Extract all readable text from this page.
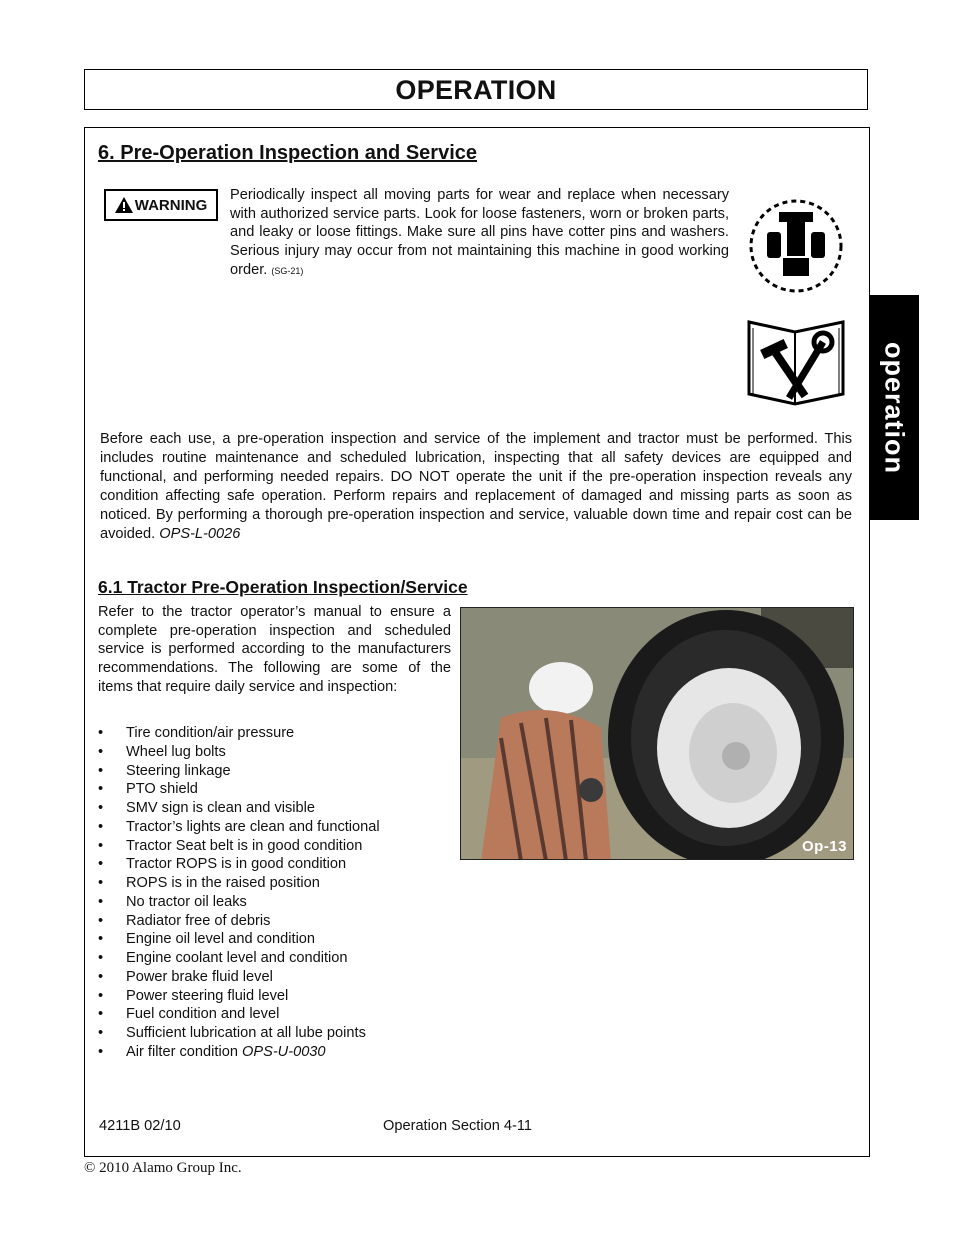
OPERATION
operation
6. Pre-Operation Inspection and Service
WARNING

Periodically inspect all moving parts for wear and replace when necessary with authorized service parts. Look for loose fasteners, worn or broken parts, and leaky or loose fittings. Make sure all pins have cotter pins and washers. Serious injury may occur from not maintaining this machine in good working order. (SG-21)

Before each use, a pre-operation inspection and service of the implement and tractor must be performed. This includes routine maintenance and scheduled lubrication, inspecting that all safety devices are equipped and functional, and performing needed repairs. DO NOT operate the unit if the pre-operation inspection reveals any condition affecting safe operation. Perform repairs and replacement of damaged and missing parts as soon as noticed. By performing a thorough pre-operation inspection and service, valuable down time and repair cost can be avoided. OPS-L-0026

6.1 Tractor Pre-Operation Inspection/Service

Refer to the tractor operator’s manual to ensure a complete pre-operation inspection and scheduled service is performed according to the manufacturers recommendations. The following are some of the items that require daily service and inspection:

• Tire condition/air pressure
• Wheel lug bolts
• Steering linkage
• PTO shield
• SMV sign is clean and visible
• Tractor’s lights are clean and functional
• Tractor Seat belt is in good condition
• Tractor ROPS is in good condition
• ROPS is in the raised position
• No tractor oil leaks
• Radiator free of debris
• Engine oil level and condition
• Engine coolant level and condition
• Power brake fluid level
• Power steering fluid level
• Fuel condition and level
• Sufficient lubrication at all lube points
• Air filter condition OPS-U-0030
Op-13
4211B 02/10	Operation Section 4-11
© 2010 Alamo Group Inc.
